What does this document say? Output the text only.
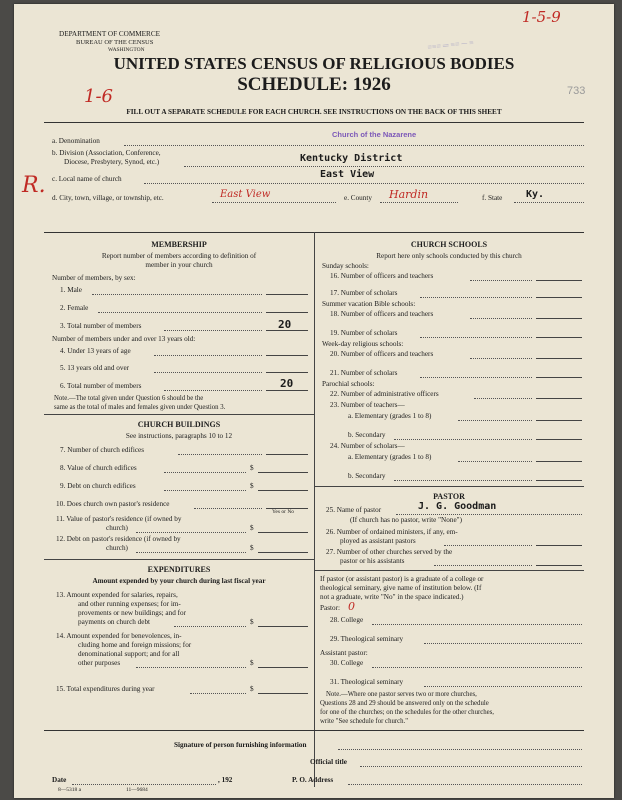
DEPARTMENT OF COMMERCE
BUREAU OF THE CENSUS
WASHINGTON
1-5-9
≡≡≡ ═ ≡≡ ─ ≡
UNITED STATES CENSUS OF RELIGIOUS BODIES
SCHEDULE: 1926	733
1-6
FILL OUT A SEPARATE SCHEDULE FOR EACH CHURCH. SEE INSTRUCTIONS ON THE BACK OF THIS SHEET
a. Denomination
Church of the Nazarene
b. Division (Association, Conference,
Diocese, Presbytery, Synod, etc.)	Kentucky District
c. Local name of church	East View
R. d. City, town, village, or township, etc.	East View	e. County Hardin	f. State Ky.
MEMBERSHIP
Report number of members according to definition of
member in your church
Number of members, by sex:
1. Male
2. Female
3. Total number of members	20
Number of members under and over 13 years old:
4. Under 13 years of age
5. 13 years old and over
6. Total number of members	20
Note.—The total given under Question 6 should be the
same as the total of males and females given under Question 3.
CHURCH BUILDINGS
See instructions, paragraphs 10 to 12
7. Number of church edifices
8. Value of church edifices	$
9. Debt on church edifices	$
10. Does church own pastor's residence
Yes or No
11. Value of pastor's residence (if owned by
church)	$
12. Debt on pastor's residence (if owned by
church)	$
EXPENDITURES
Amount expended by your church during last fiscal year
13. Amount expended for salaries, repairs,
and other running expenses; for im-
provements or new buildings; and for
payments on church debt	$
14. Amount expended for benevolences, in-
cluding home and foreign missions; for
denominational support; and for all
other purposes	$
15. Total expenditures during year	$
CHURCH SCHOOLS
Report here only schools conducted by this church
Sunday schools:
16. Number of officers and teachers
17. Number of scholars
Summer vacation Bible schools:
18. Number of officers and teachers
19. Number of scholars
Week-day religious schools:
20. Number of officers and teachers
21. Number of scholars
Parochial schools:
22. Number of administrative officers
23. Number of teachers—
a. Elementary (grades 1 to 8)
b. Secondary
24. Number of scholars—
a. Elementary (grades 1 to 8)
b. Secondary
PASTOR
25. Name of pastor	J. G. Goodman
(If church has no pastor, write "None")
26. Number of ordained ministers, if any, em-
ployed as assistant pastors
27. Number of other churches served by the
pastor or his assistants
If pastor (or assistant pastor) is a graduate of a college or
theological seminary, give name of institution below. (If
not a graduate, write "No" in the space indicated.)
Pastor: 0
28. College
29. Theological seminary
Assistant pastor:
30. College
31. Theological seminary
Note.—Where one pastor serves two or more churches,
Questions 28 and 29 should be answered only on the schedule
for one of the churches; on the schedules for the other churches,
write "See schedule for church."
Signature of person furnishing information
Official title
Date	, 192	P. O. Address
8—5318 a	11—9684
